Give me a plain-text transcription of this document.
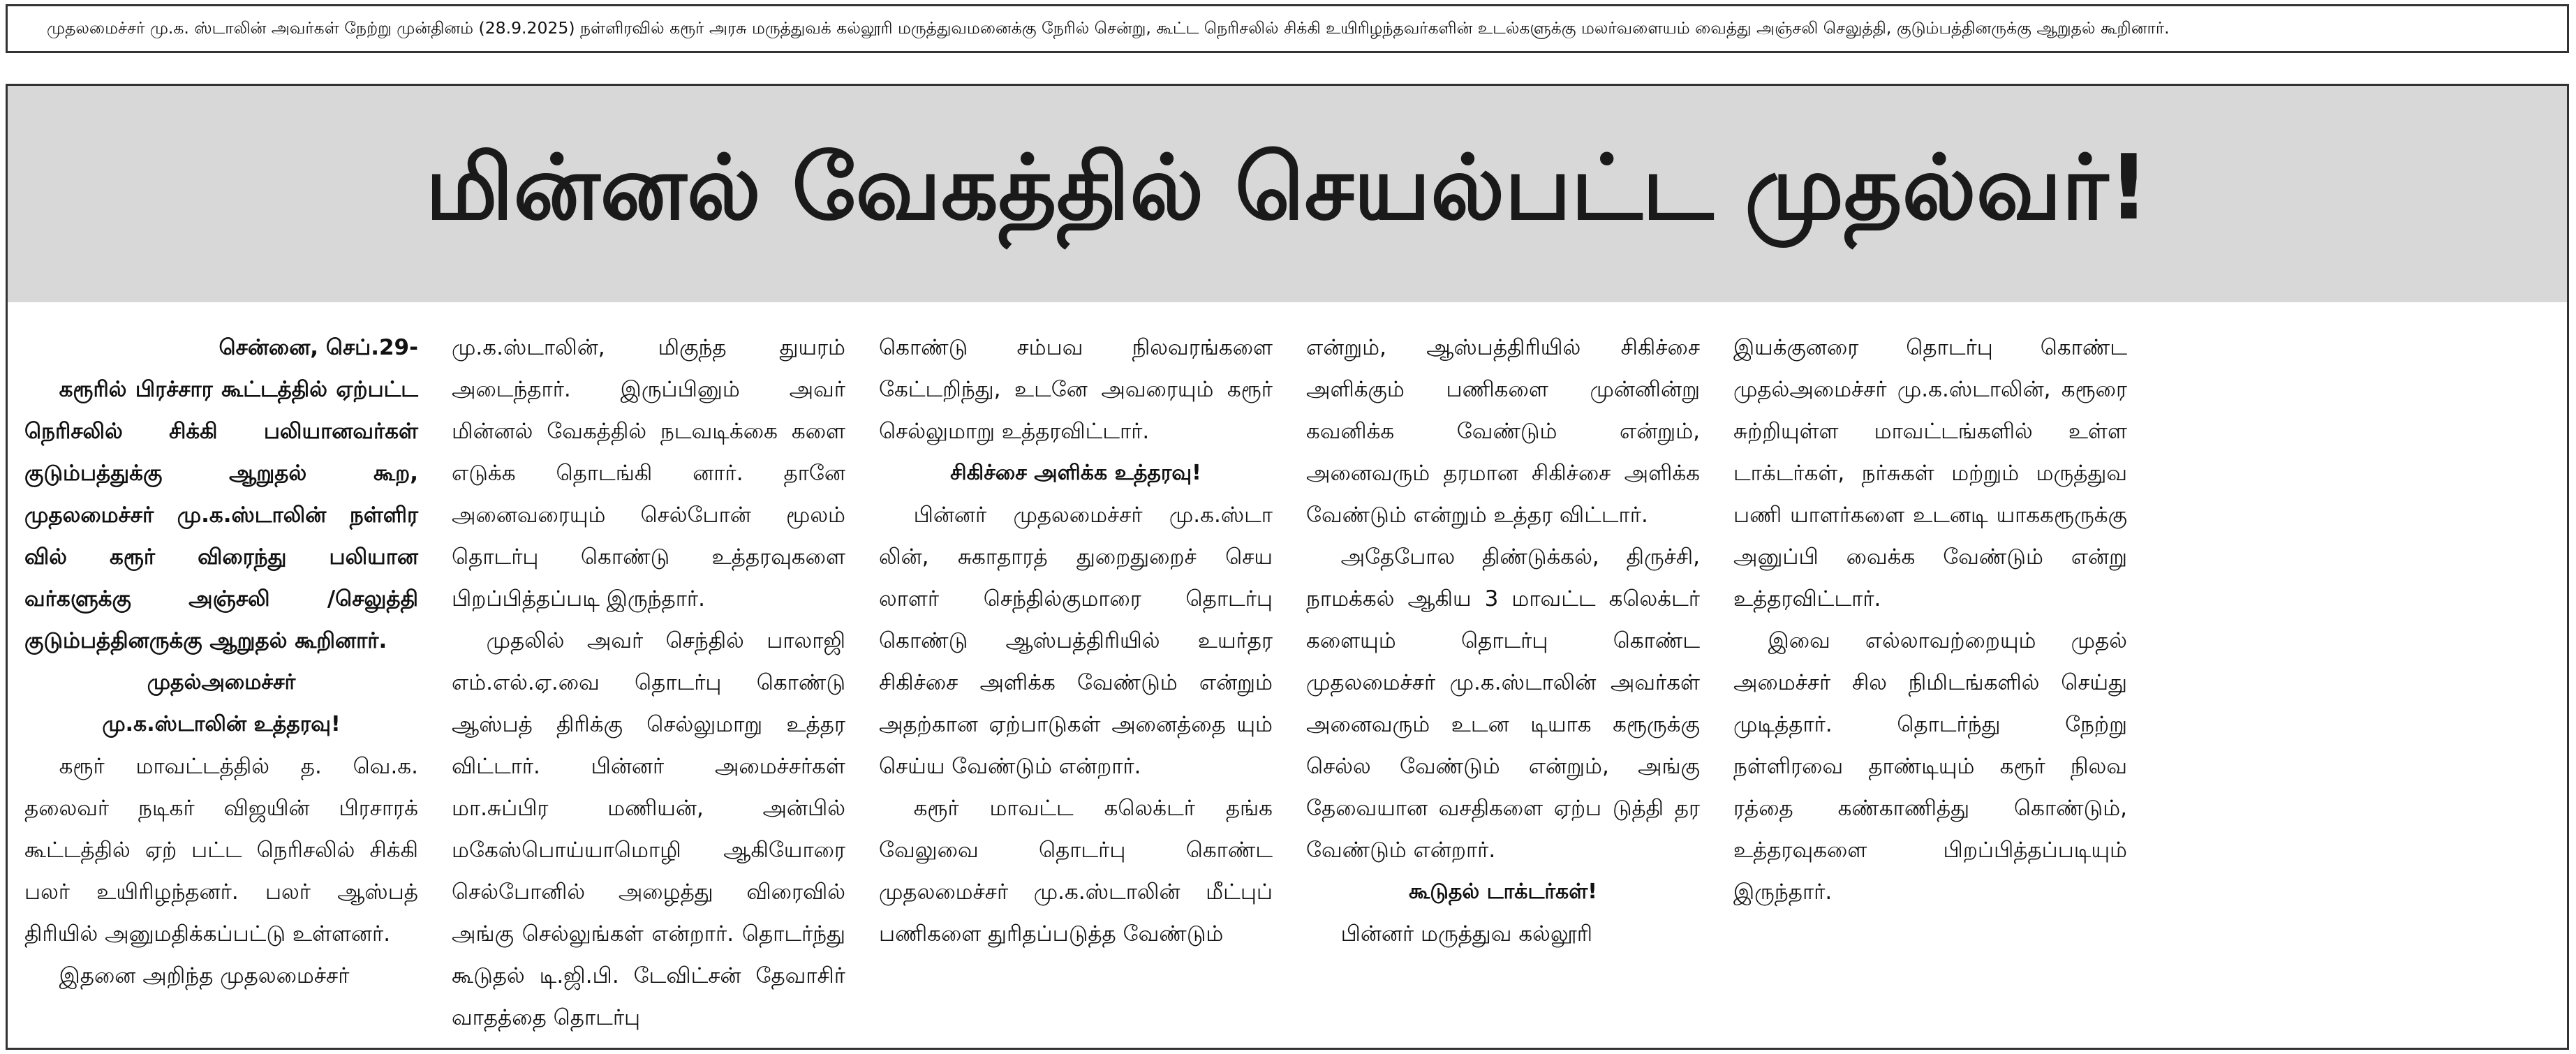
முதலமைச்சர் மு.க. ஸ்டாலின் அவர்கள் நேற்று முன்தினம் (28.9.2025) நள்ளிரவில் கரூர் அரசு மருத்துவக் கல்லூரி மருத்துவமனைக்கு நேரில் சென்று, கூட்ட நெரிசலில் சிக்கி உயிரிழந்தவர்களின் உடல்களுக்கு மலர்வளையம் வைத்து அஞ்சலி செலுத்தி, குடும்பத்தினருக்கு ஆறுதல் கூறினார்.
மின்னல் வேகத்தில் செயல்பட்ட முதல்வர்!

சென்னை, செப்.29-

கரூரில் பிரச்சார கூட்டத்தில் ஏற்பட்ட நெரிசலில் சிக்கி பலியானவர்கள் குடும்பத்துக்கு ஆறுதல் கூற, முதலமைச்சர் மு.க.ஸ்டாலின் நள்ளிர வில் கரூர் விரைந்து பலியான வர்களுக்கு அஞ்சலி /செலுத்தி குடும்பத்தினருக்கு ஆறுதல் கூறினார்.

முதல்அமைச்சர்

மு.க.ஸ்டாலின் உத்தரவு!

கரூர் மாவட்டத்தில் த. வெ.க. தலைவர் நடிகர் விஜயின் பிரசாரக் கூட்டத்தில் ஏற் பட்ட நெரிசலில் சிக்கி பலர் உயிரிழந்தனர். பலர் ஆஸ்பத் திரியில் அனுமதிக்கப்பட்டு உள்ளனர்.

இதனை அறிந்த முதலமைச்சர்

மு.க.ஸ்டாலின், மிகுந்த துயரம் அடைந்தார். இருப்பினும் அவர் மின்னல் வேகத்தில் நடவடிக்கை களை எடுக்க தொடங்கி னார். தானே அனைவரையும் செல்போன் மூலம் தொடர்பு கொண்டு உத்தரவுகளை பிறப்பித்தப்படி இருந்தார்.

முதலில் அவர் செந்தில் பாலாஜி எம்.எல்.ஏ.வை தொடர்பு கொண்டு ஆஸ்பத் திரிக்கு செல்லுமாறு உத்தர விட்டார். பின்னர் அமைச்சர்கள் மா.சுப்பிர மணியன், அன்பில் மகேஸ்பொய்யாமொழி ஆகியோரை செல்போனில் அழைத்து விரைவில் அங்கு செல்லுங்கள் என்றார். தொடர்ந்து கூடுதல் டி.ஜி.பி. டேவிட்சன் தேவாசிர் வாதத்தை தொடர்பு

கொண்டு சம்பவ நிலவரங்களை கேட்டறிந்து, உடனே அவரையும் கரூர் செல்லுமாறு உத்தரவிட்டார்.

சிகிச்சை அளிக்க உத்தரவு!

பின்னர் முதலமைச்சர் மு.க.ஸ்டா லின், சுகாதாரத் துறைதுறைச் செய லாளர் செந்தில்குமாரை தொடர்பு கொண்டு ஆஸ்பத்திரியில் உயர்தர சிகிச்சை அளிக்க வேண்டும் என்றும் அதற்கான ஏற்பாடுகள் அனைத்தை யும் செய்ய வேண்டும் என்றார்.

கரூர் மாவட்ட கலெக்டர் தங்க வேலுவை தொடர்பு கொண்ட முதலமைச்சர் மு.க.ஸ்டாலின் மீட்புப் பணிகளை துரிதப்படுத்த வேண்டும்

என்றும், ஆஸ்பத்திரியில் சிகிச்சை அளிக்கும் பணிகளை முன்னின்று கவனிக்க வேண்டும் என்றும், அனைவரும் தரமான சிகிச்சை அளிக்க வேண்டும் என்றும் உத்தர விட்டார்.

அதேபோல திண்டுக்கல், திருச்சி, நாமக்கல் ஆகிய 3 மாவட்ட கலெக்டர் களையும் தொடர்பு கொண்ட முதலமைச்சர் மு.க.ஸ்டாலின் அவர்கள் அனைவரும் உடன டியாக கரூருக்கு செல்ல வேண்டும் என்றும், அங்கு தேவையான வசதிகளை ஏற்ப டுத்தி தர வேண்டும் என்றார்.

கூடுதல் டாக்டர்கள்!

பின்னர் மருத்துவ கல்லூரி

இயக்குனரை தொடர்பு கொண்ட முதல்அமைச்சர் மு.க.ஸ்டாலின், கரூரை சுற்றியுள்ள மாவட்டங்களில் உள்ள டாக்டர்கள், நர்சுகள் மற்றும் மருத்துவ பணி யாளர்களை உடனடி யாககரூருக்கு அனுப்பி வைக்க வேண்டும் என்று உத்தரவிட்டார்.

இவை எல்லாவற்றையும் முதல் அமைச்சர் சில நிமிடங்களில் செய்து முடித்தார். தொடர்ந்து நேற்று நள்ளிரவை தாண்டியும் கரூர் நிலவ ரத்தை கண்காணித்து கொண்டும், உத்தரவுகளை பிறப்பித்தப்படியும் இருந்தார்.
